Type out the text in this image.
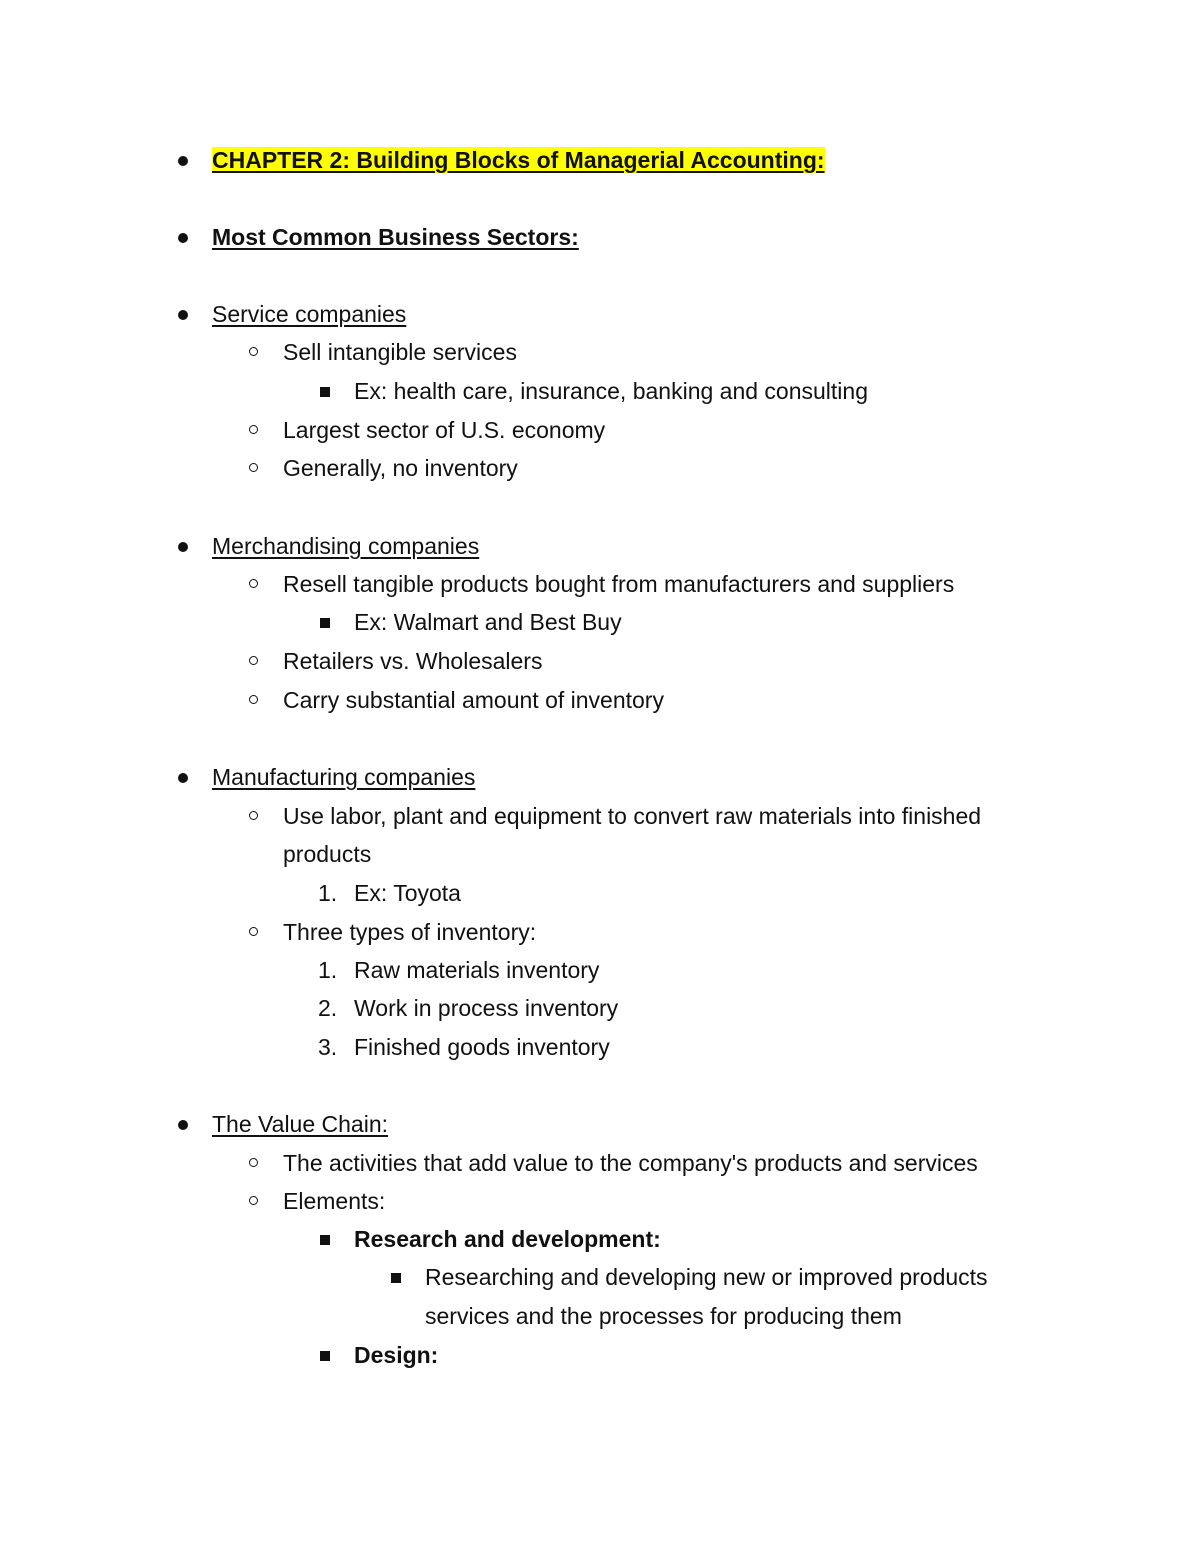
CHAPTER 2: Building Blocks of Managerial Accounting:
Most Common Business Sectors:
Service companies
Sell intangible services
Ex: health care, insurance, banking and consulting
Largest sector of U.S. economy
Generally, no inventory
Merchandising companies
Resell tangible products bought from manufacturers and suppliers
Ex: Walmart and Best Buy
Retailers vs. Wholesalers
Carry substantial amount of inventory
Manufacturing companies
Use labor, plant and equipment to convert raw materials into finished
products
1. Ex: Toyota
Three types of inventory:
1. Raw materials inventory
2. Work in process inventory
3. Finished goods inventory
The Value Chain:
The activities that add value to the company's products and services
Elements:
Research and development:
Researching and developing new or improved products
services and the processes for producing them
Design:
